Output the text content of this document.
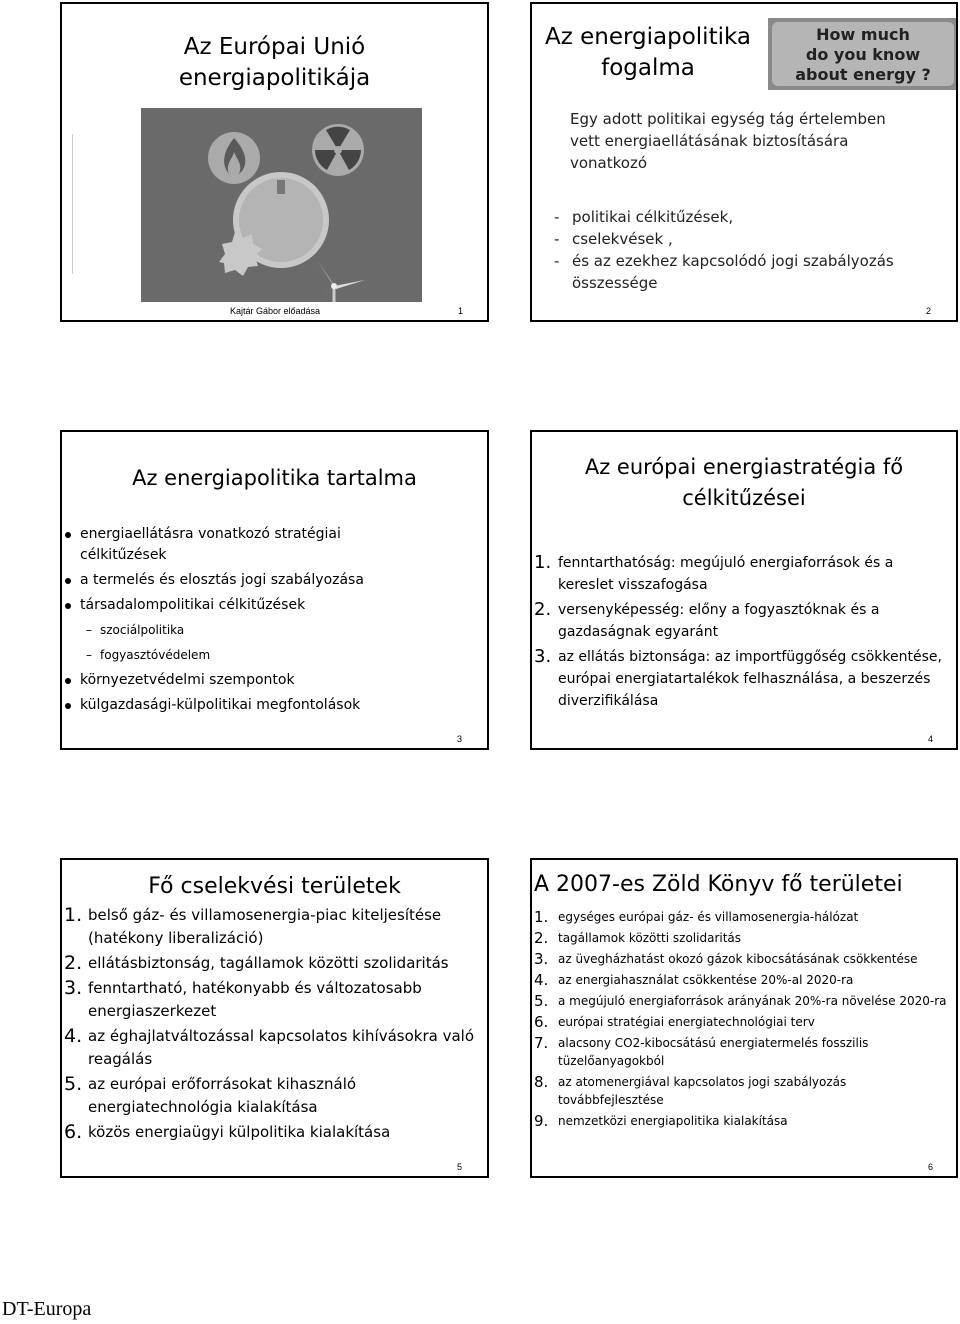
Az Európai Unió
energiapolitikája
Kajtár Gábor előadása	1
Az energiapolitika
fogalma
How much
do you know
about energy ?
Egy adott politikai egység tág értelemben vett energiaellátásának biztosítására vonatkozó
- politikai célkitűzések,
- cselekvések ,
- és az ezekhez kapcsolódó jogi szabályozás összessége
2
Az energiapolitika tartalma
energiaellátásra vonatkozó stratégiai célkitűzések
a termelés és elosztás jogi szabályozása
társadalompolitikai célkitűzések
– szociálpolitika
– fogyasztóvédelem
környezetvédelmi szempontok
külgazdasági-külpolitikai megfontolások
3
Az európai energiastratégia fő
célkitűzései
1. fenntarthatóság: megújuló energiaforrások és a kereslet visszafogása
2. versenyképesség: előny a fogyasztóknak és a gazdaságnak egyaránt
3. az ellátás biztonsága: az importfüggőség csökkentése, európai energiatartalékok felhasználása, a beszerzés diverzifikálása
4
Fő cselekvési területek
1. belső gáz- és villamosenergia-piac kiteljesítése (hatékony liberalizáció)
2. ellátásbiztonság, tagállamok közötti szolidaritás
3. fenntartható, hatékonyabb és változatosabb energiaszerkezet
4. az éghajlatváltozással kapcsolatos kihívásokra való reagálás
5. az európai erőforrásokat kihasználó energiatechnológia kialakítása
6. közös energiaügyi külpolitika kialakítása
5
A 2007-es Zöld Könyv fő területei
1. egységes európai gáz- és villamosenergia-hálózat
2. tagállamok közötti szolidaritás
3. az üvegházhatást okozó gázok kibocsátásának csökkentése
4. az energiahasználat csökkentése 20%-al 2020-ra
5. a megújuló energiaforrások arányának 20%-ra növelése 2020-ra
6. európai stratégiai energiatechnológiai terv
7. alacsony CO2-kibocsátású energiatermelés fosszilis tüzelőanyagokból
8. az atomenergiával kapcsolatos jogi szabályozás továbbfejlesztése
9. nemzetközi energiapolitika kialakítása
6
DT-Europa
